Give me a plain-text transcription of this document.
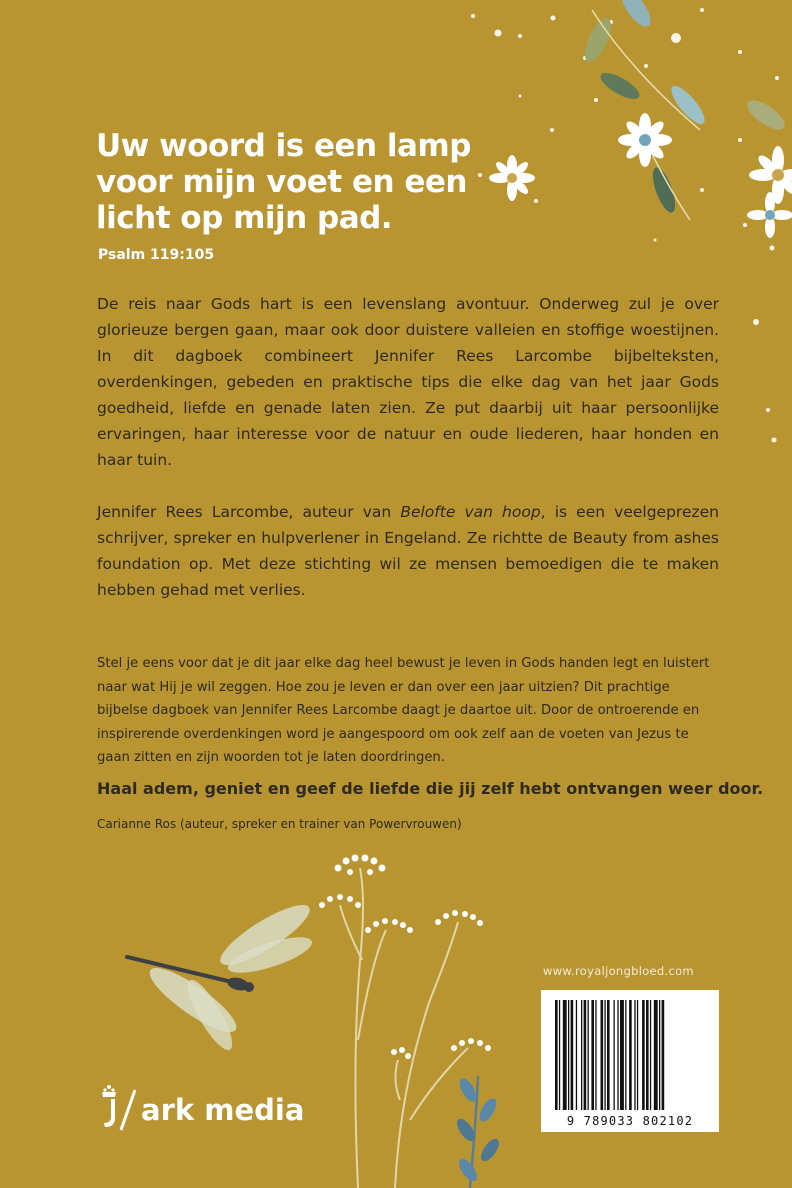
Uw woord is een lamp
voor mijn voet en een
licht op mijn pad.
Psalm 119:105

De reis naar Gods hart is een levenslang avontuur. Onderweg zul je over glorieuze bergen gaan, maar ook door duistere valleien en stoffige woestijnen. In dit dagboek combineert Jennifer Rees Larcombe bijbelteksten, overdenkingen, gebeden en praktische tips die elke dag van het jaar Gods goedheid, liefde en genade laten zien. Ze put daarbij uit haar persoonlijke ervaringen, haar interesse voor de natuur en oude liederen, haar honden en haar tuin.

Jennifer Rees Larcombe, auteur van Belofte van hoop, is een veelgeprezen schrijver, spreker en hulpverlener in Engeland. Ze richtte de Beauty from ashes foundation op. Met deze stichting wil ze mensen bemoedigen die te maken hebben gehad met verlies.

Stel je eens voor dat je dit jaar elke dag heel bewust je leven in Gods handen legt en luistert naar wat Hij je wil zeggen. Hoe zou je leven er dan over een jaar uitzien? Dit prachtige bijbelse dagboek van Jennifer Rees Larcombe daagt je daartoe uit. Door de ontroerende en inspirerende overdenkingen word je aangespoord om ook zelf aan de voeten van Jezus te gaan zitten en zijn woorden tot je laten doordringen.

Haal adem, geniet en geef de liefde die jij zelf hebt ontvangen weer door.
Carianne Ros (auteur, spreker en trainer van Powervrouwen)
www.royaljongbloed.com
9 789033 802102
ark media
